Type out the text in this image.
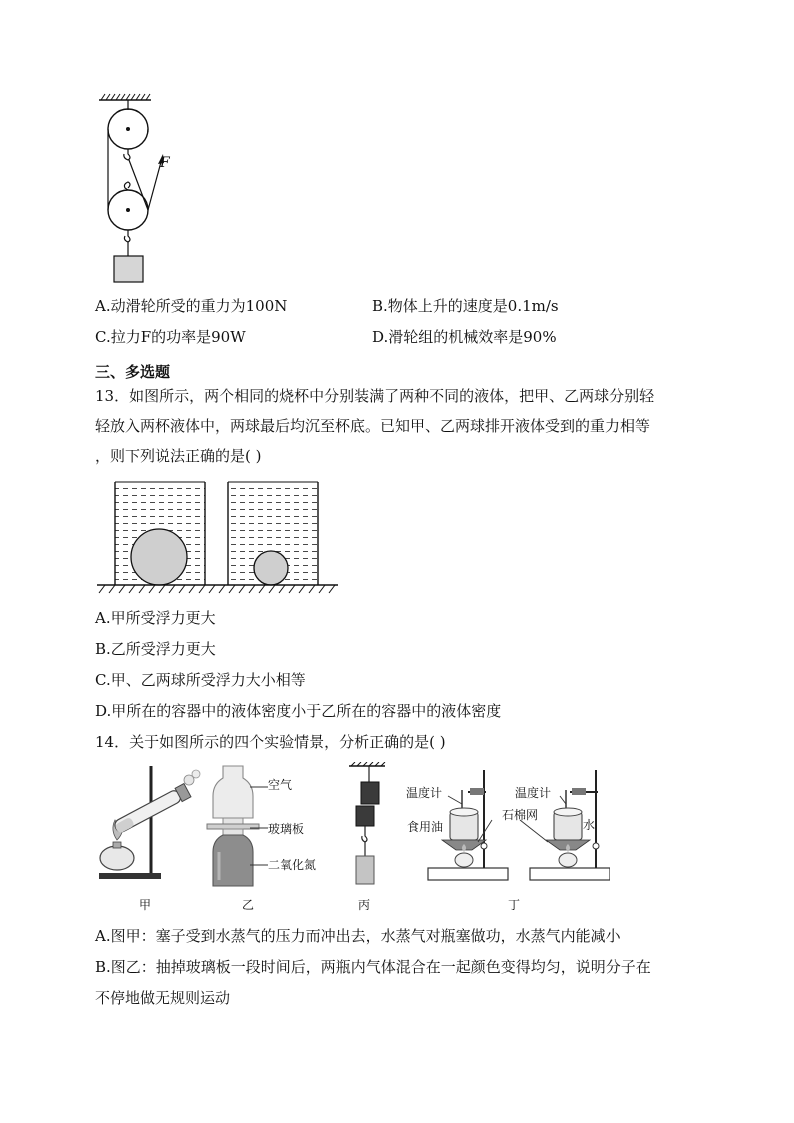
F
A.动滑轮所受的重力为100N	B.物体上升的速度是0.1m/s
C.拉力F的功率是90W	D.滑轮组的机械效率是90%
三、多选题
13．如图所示，两个相同的烧杯中分别装满了两种不同的液体，把甲、乙两球分别轻
轻放入两杯液体中，两球最后均沉至杯底。已知甲、乙两球排开液体受到的重力相等
，则下列说法正确的是( )
A.甲所受浮力更大
B.乙所受浮力更大
C.甲、乙两球所受浮力大小相等
D.甲所在的容器中的液体密度小于乙所在的容器中的液体密度
14．关于如图所示的四个实验情景，分析正确的是( )
甲
空气
玻璃板
二氧化氮
乙	丙
温度计	温度计
食用油
石棉网
水
丁
A.图甲：塞子受到水蒸气的压力而冲出去，水蒸气对瓶塞做功，水蒸气内能减小
B.图乙：抽掉玻璃板一段时间后，两瓶内气体混合在一起颜色变得均匀，说明分子在
不停地做无规则运动
